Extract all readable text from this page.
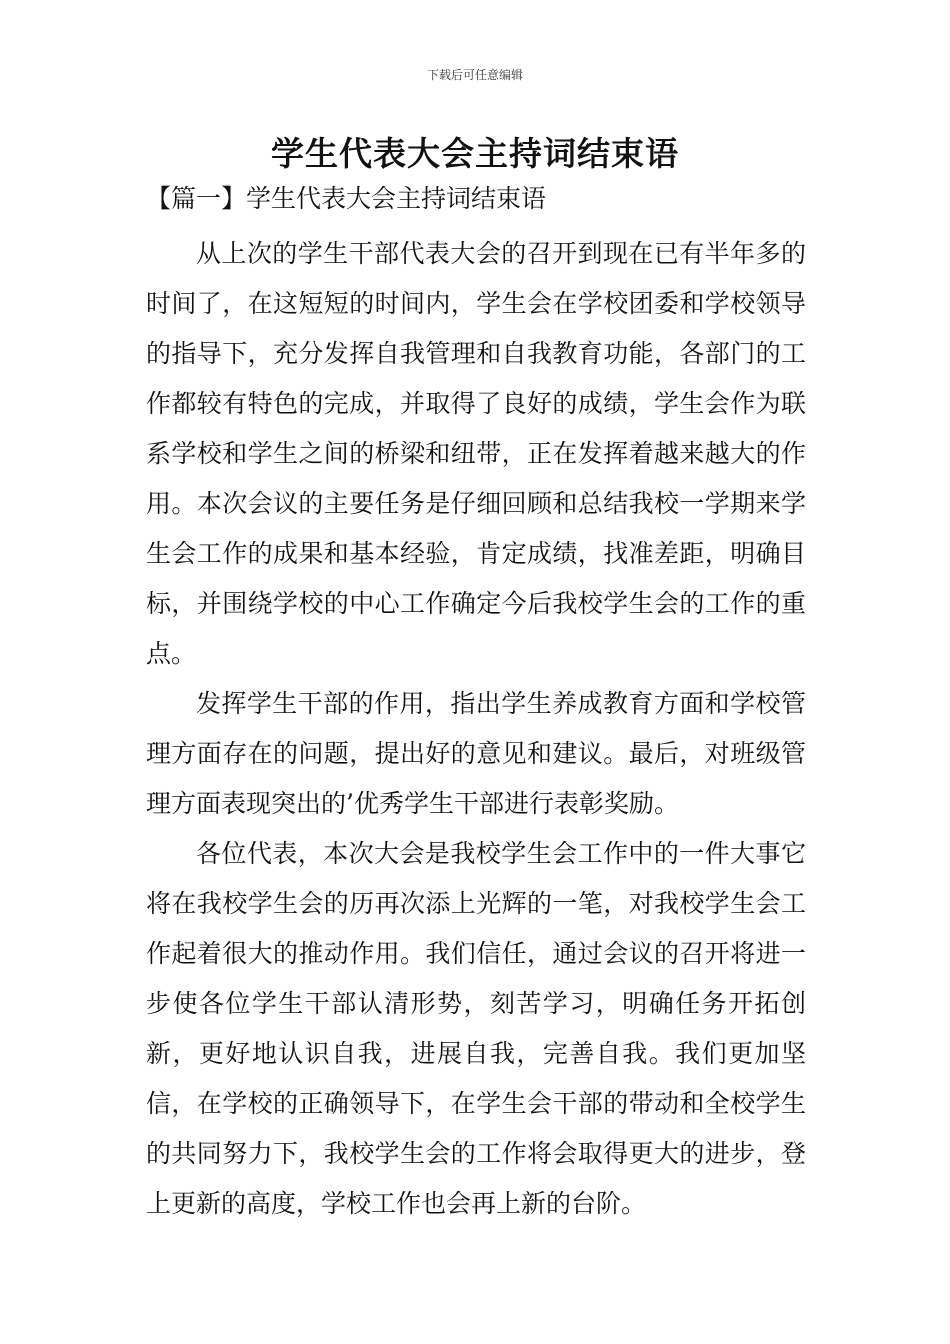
下载后可任意编辑
学生代表大会主持词结束语
【篇一】学生代表大会主持词结束语

从上次的学生干部代表大会的召开到现在已有半年多的时间了，在这短短的时间内，学生会在学校团委和学校领导的指导下，充分发挥自我管理和自我教育功能，各部门的工作都较有特色的完成，并取得了良好的成绩，学生会作为联系学校和学生之间的桥梁和纽带，正在发挥着越来越大的作用。本次会议的主要任务是仔细回顾和总结我校一学期来学生会工作的成果和基本经验，肯定成绩，找准差距，明确目标，并围绕学校的中心工作确定今后我校学生会的工作的重点。

发挥学生干部的作用，指出学生养成教育方面和学校管理方面存在的问题，提出好的意见和建议。最后，对班级管理方面表现突出的’优秀学生干部进行表彰奖励。

各位代表，本次大会是我校学生会工作中的一件大事它将在我校学生会的历再次添上光辉的一笔，对我校学生会工作起着很大的推动作用。我们信任，通过会议的召开将进一步使各位学生干部认清形势，刻苦学习，明确任务开拓创新，更好地认识自我，进展自我，完善自我。我们更加坚信，在学校的正确领导下，在学生会干部的带动和全校学生的共同努力下，我校学生会的工作将会取得更大的进步，登上更新的高度，学校工作也会再上新的台阶。
